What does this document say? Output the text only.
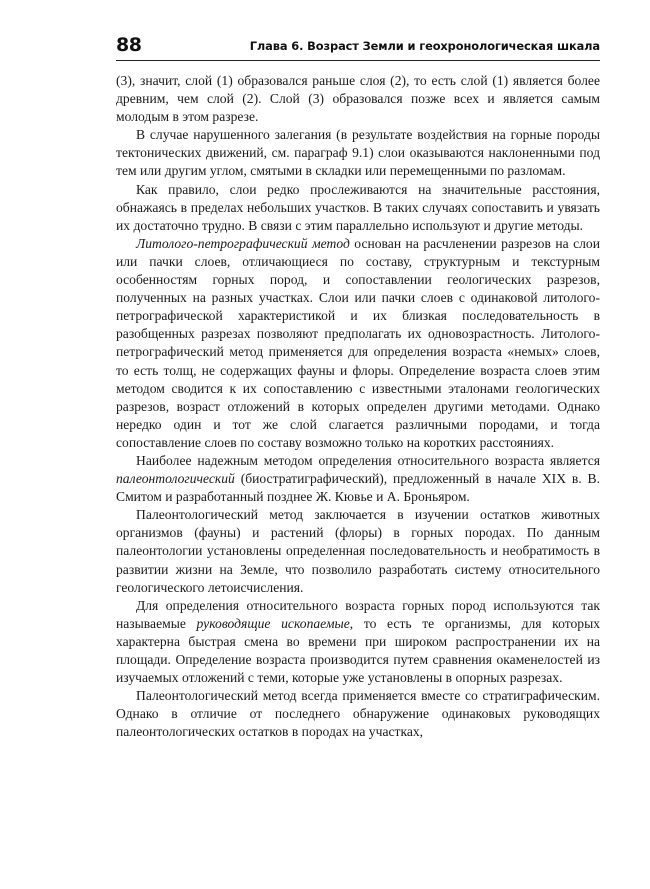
88	Глава 6. Возраст Земли и геохронологическая шкала

(3), значит, слой (1) образовался раньше слоя (2), то есть слой (1) является более древним, чем слой (2). Слой (3) образовался позже всех и является самым молодым в этом разрезе.

В случае нарушенного залегания (в результате воздействия на горные породы тектонических движений, см. параграф 9.1) слои оказываются наклоненными под тем или другим углом, смятыми в складки или перемещенными по разломам.

Как правило, слои редко прослеживаются на значительные расстояния, обнажаясь в пределах небольших участков. В таких случаях сопоставить и увязать их достаточно трудно. В связи с этим параллельно используют и другие методы.

Литолого-петрографический метод основан на расчленении разрезов на слои или пачки слоев, отличающиеся по составу, структурным и текстурным особенностям горных пород, и сопоставлении геологических разрезов, полученных на разных участках. Слои или пачки слоев с одинаковой литолого-петрографической характеристикой и их близкая последовательность в разобщенных разрезах позволяют предполагать их одновозрастность. Литолого-петрографический метод применяется для определения возраста «немых» слоев, то есть толщ, не содержащих фауны и флоры. Определение возраста слоев этим методом сводится к их сопоставлению с известными эталонами геологических разрезов, возраст отложений в которых определен другими методами. Однако нередко один и тот же слой слагается различными породами, и тогда сопоставление слоев по составу возможно только на коротких расстояниях.

Наиболее надежным методом определения относительного возраста является палеонтологический (биостратиграфический), предложенный в начале XIX в. В. Смитом и разработанный позднее Ж. Кювье и А. Броньяром.

Палеонтологический метод заключается в изучении остатков животных организмов (фауны) и растений (флоры) в горных породах. По данным палеонтологии установлены определенная последовательность и необратимость в развитии жизни на Земле, что позволило разработать систему относительного геологического летоисчисления.

Для определения относительного возраста горных пород используются так называемые руководящие ископаемые, то есть те организмы, для которых характерна быстрая смена во времени при широком распространении их на площади. Определение возраста производится путем сравнения окаменелостей из изучаемых отложений с теми, которые уже установлены в опорных разрезах.

Палеонтологический метод всегда применяется вместе со стратиграфическим. Однако в отличие от последнего обнаружение одинаковых руководящих палеонтологических остатков в породах на участках,
